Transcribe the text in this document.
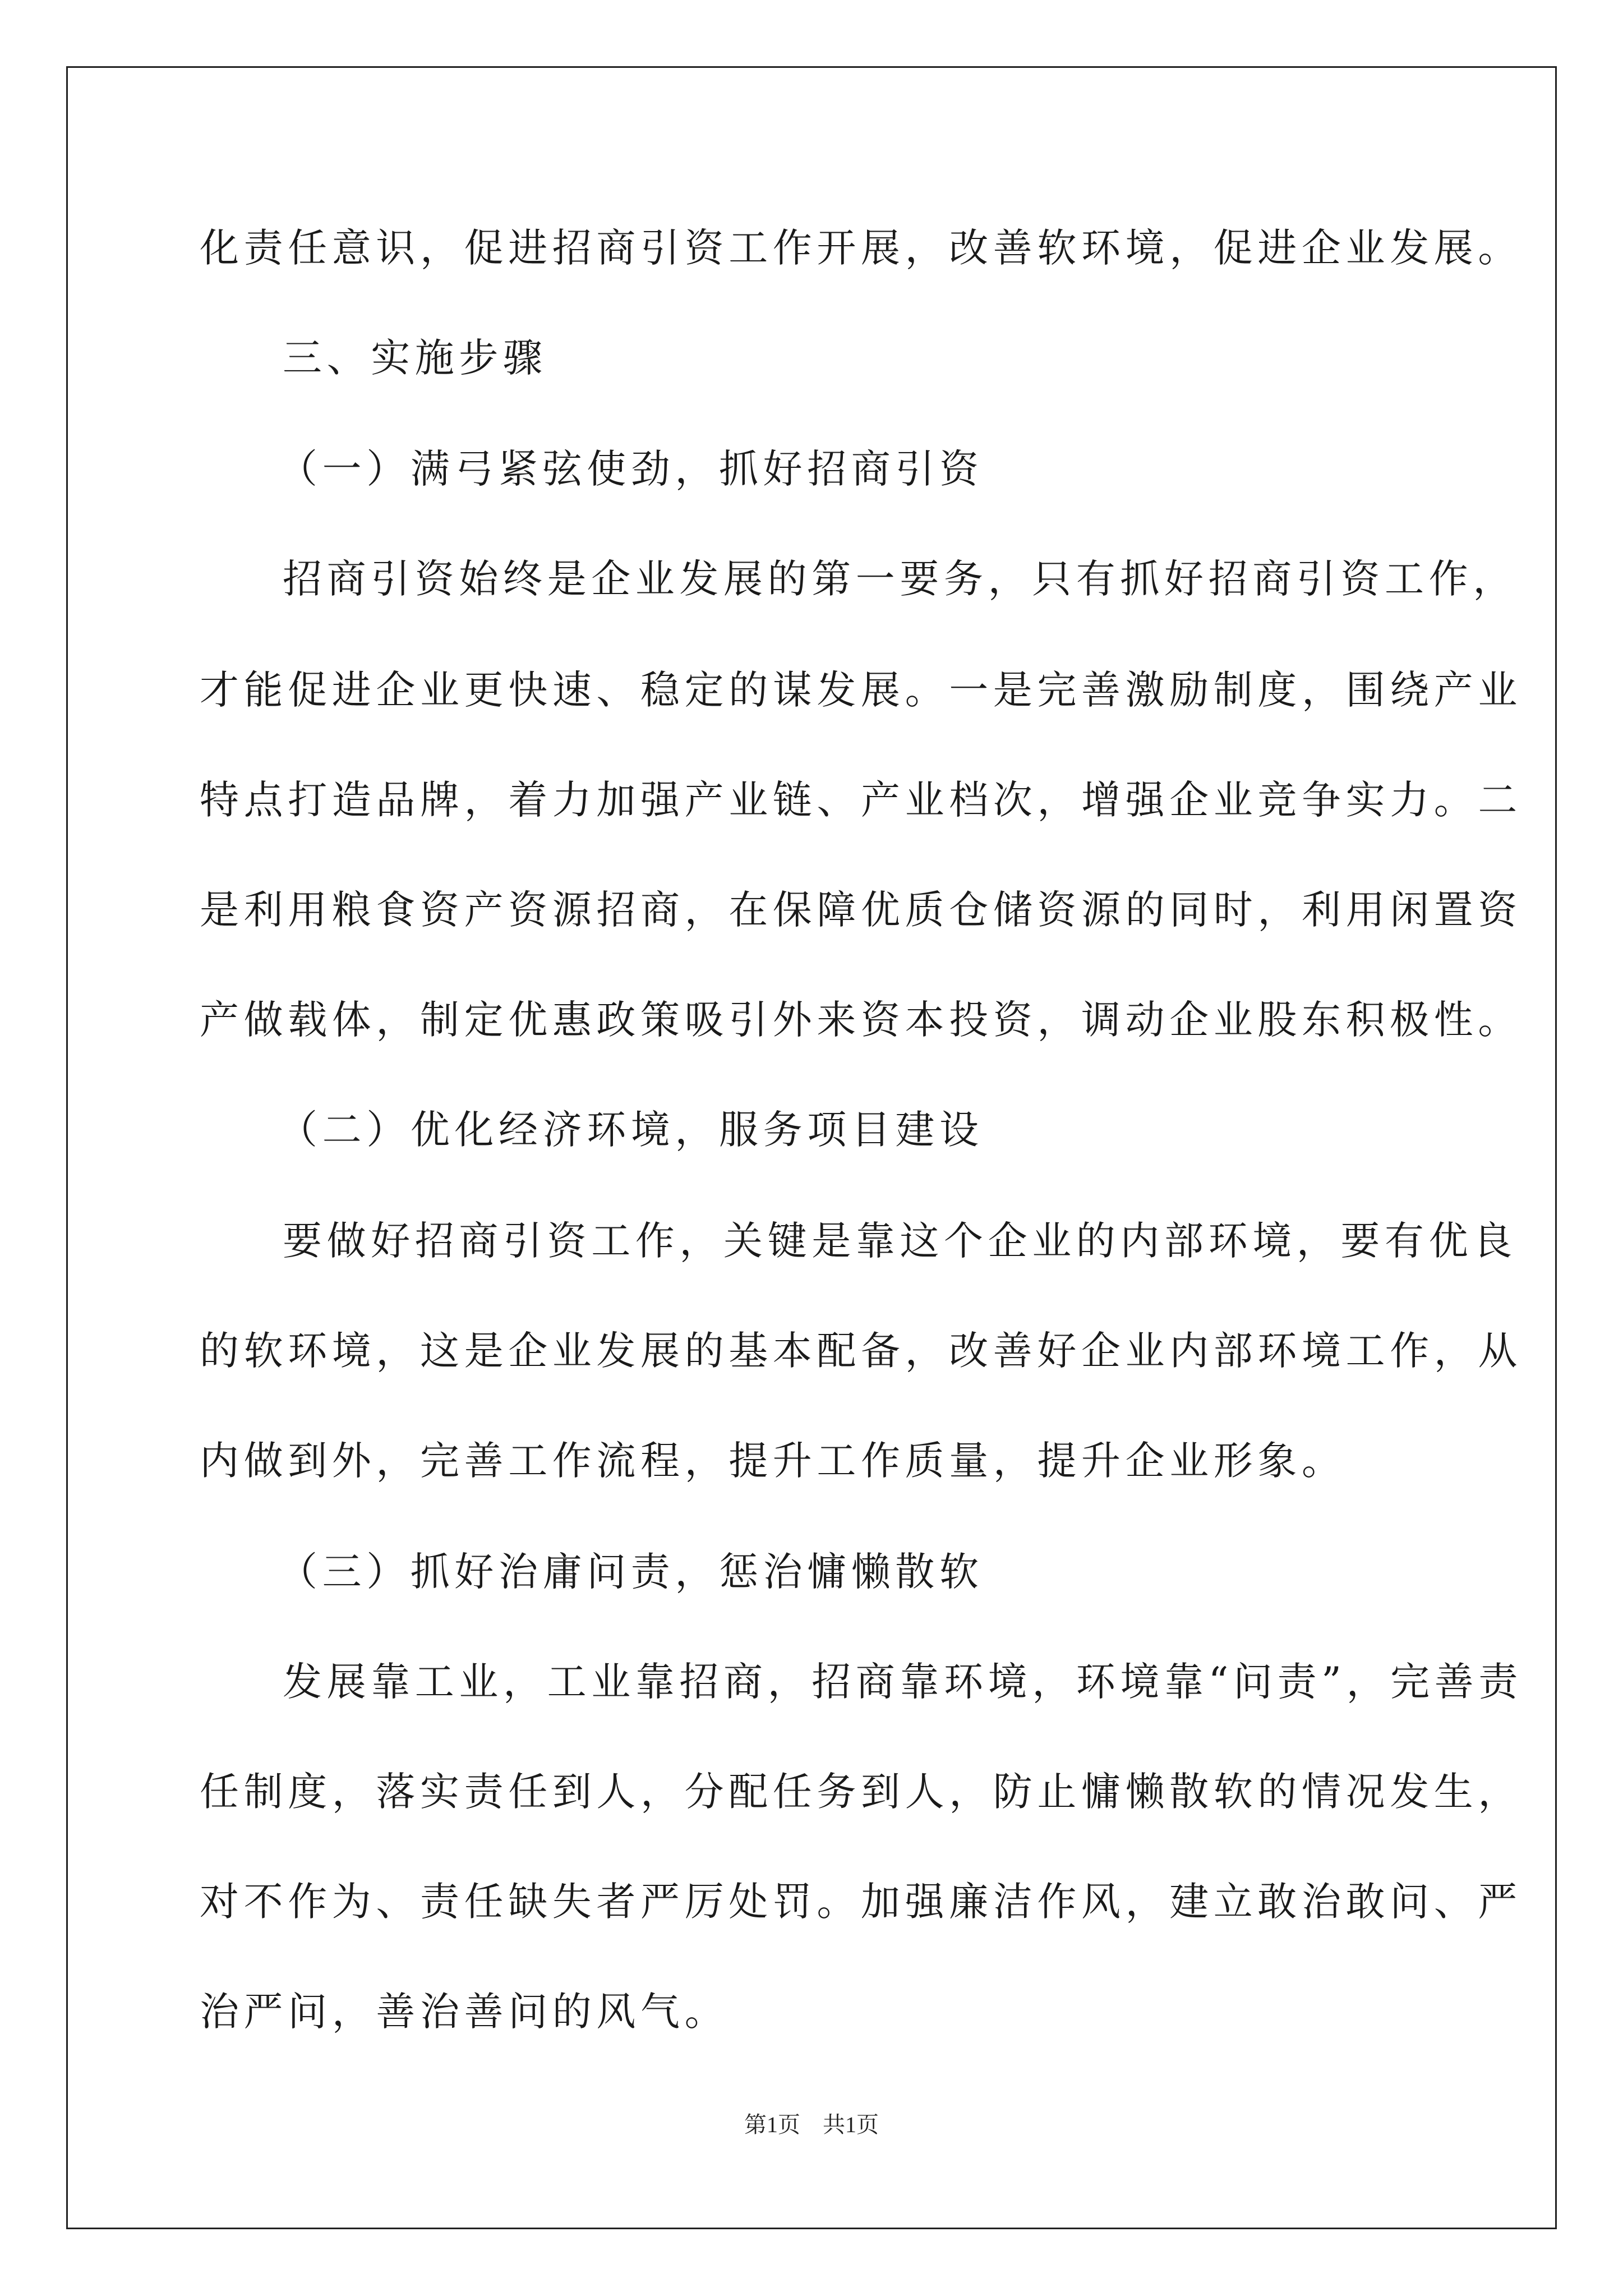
化责任意识，促进招商引资工作开展，改善软环境，促进企业发展。
三、实施步骤
（一）满弓紧弦使劲，抓好招商引资
招商引资始终是企业发展的第一要务，只有抓好招商引资工作，
才能促进企业更快速、稳定的谋发展。一是完善激励制度，围绕产业
特点打造品牌，着力加强产业链、产业档次，增强企业竞争实力。二
是利用粮食资产资源招商，在保障优质仓储资源的同时，利用闲置资
产做载体，制定优惠政策吸引外来资本投资，调动企业股东积极性。
（二）优化经济环境，服务项目建设
要做好招商引资工作，关键是靠这个企业的内部环境，要有优良
的软环境，这是企业发展的基本配备，改善好企业内部环境工作，从
内做到外，完善工作流程，提升工作质量，提升企业形象。
（三）抓好治庸问责，惩治慵懒散软
发展靠工业，工业靠招商，招商靠环境，环境靠“问责”，完善责
任制度，落实责任到人，分配任务到人，防止慵懒散软的情况发生，
对不作为、责任缺失者严厉处罚。加强廉洁作风，建立敢治敢问、严
治严问，善治善问的风气。
第1页　共1页
